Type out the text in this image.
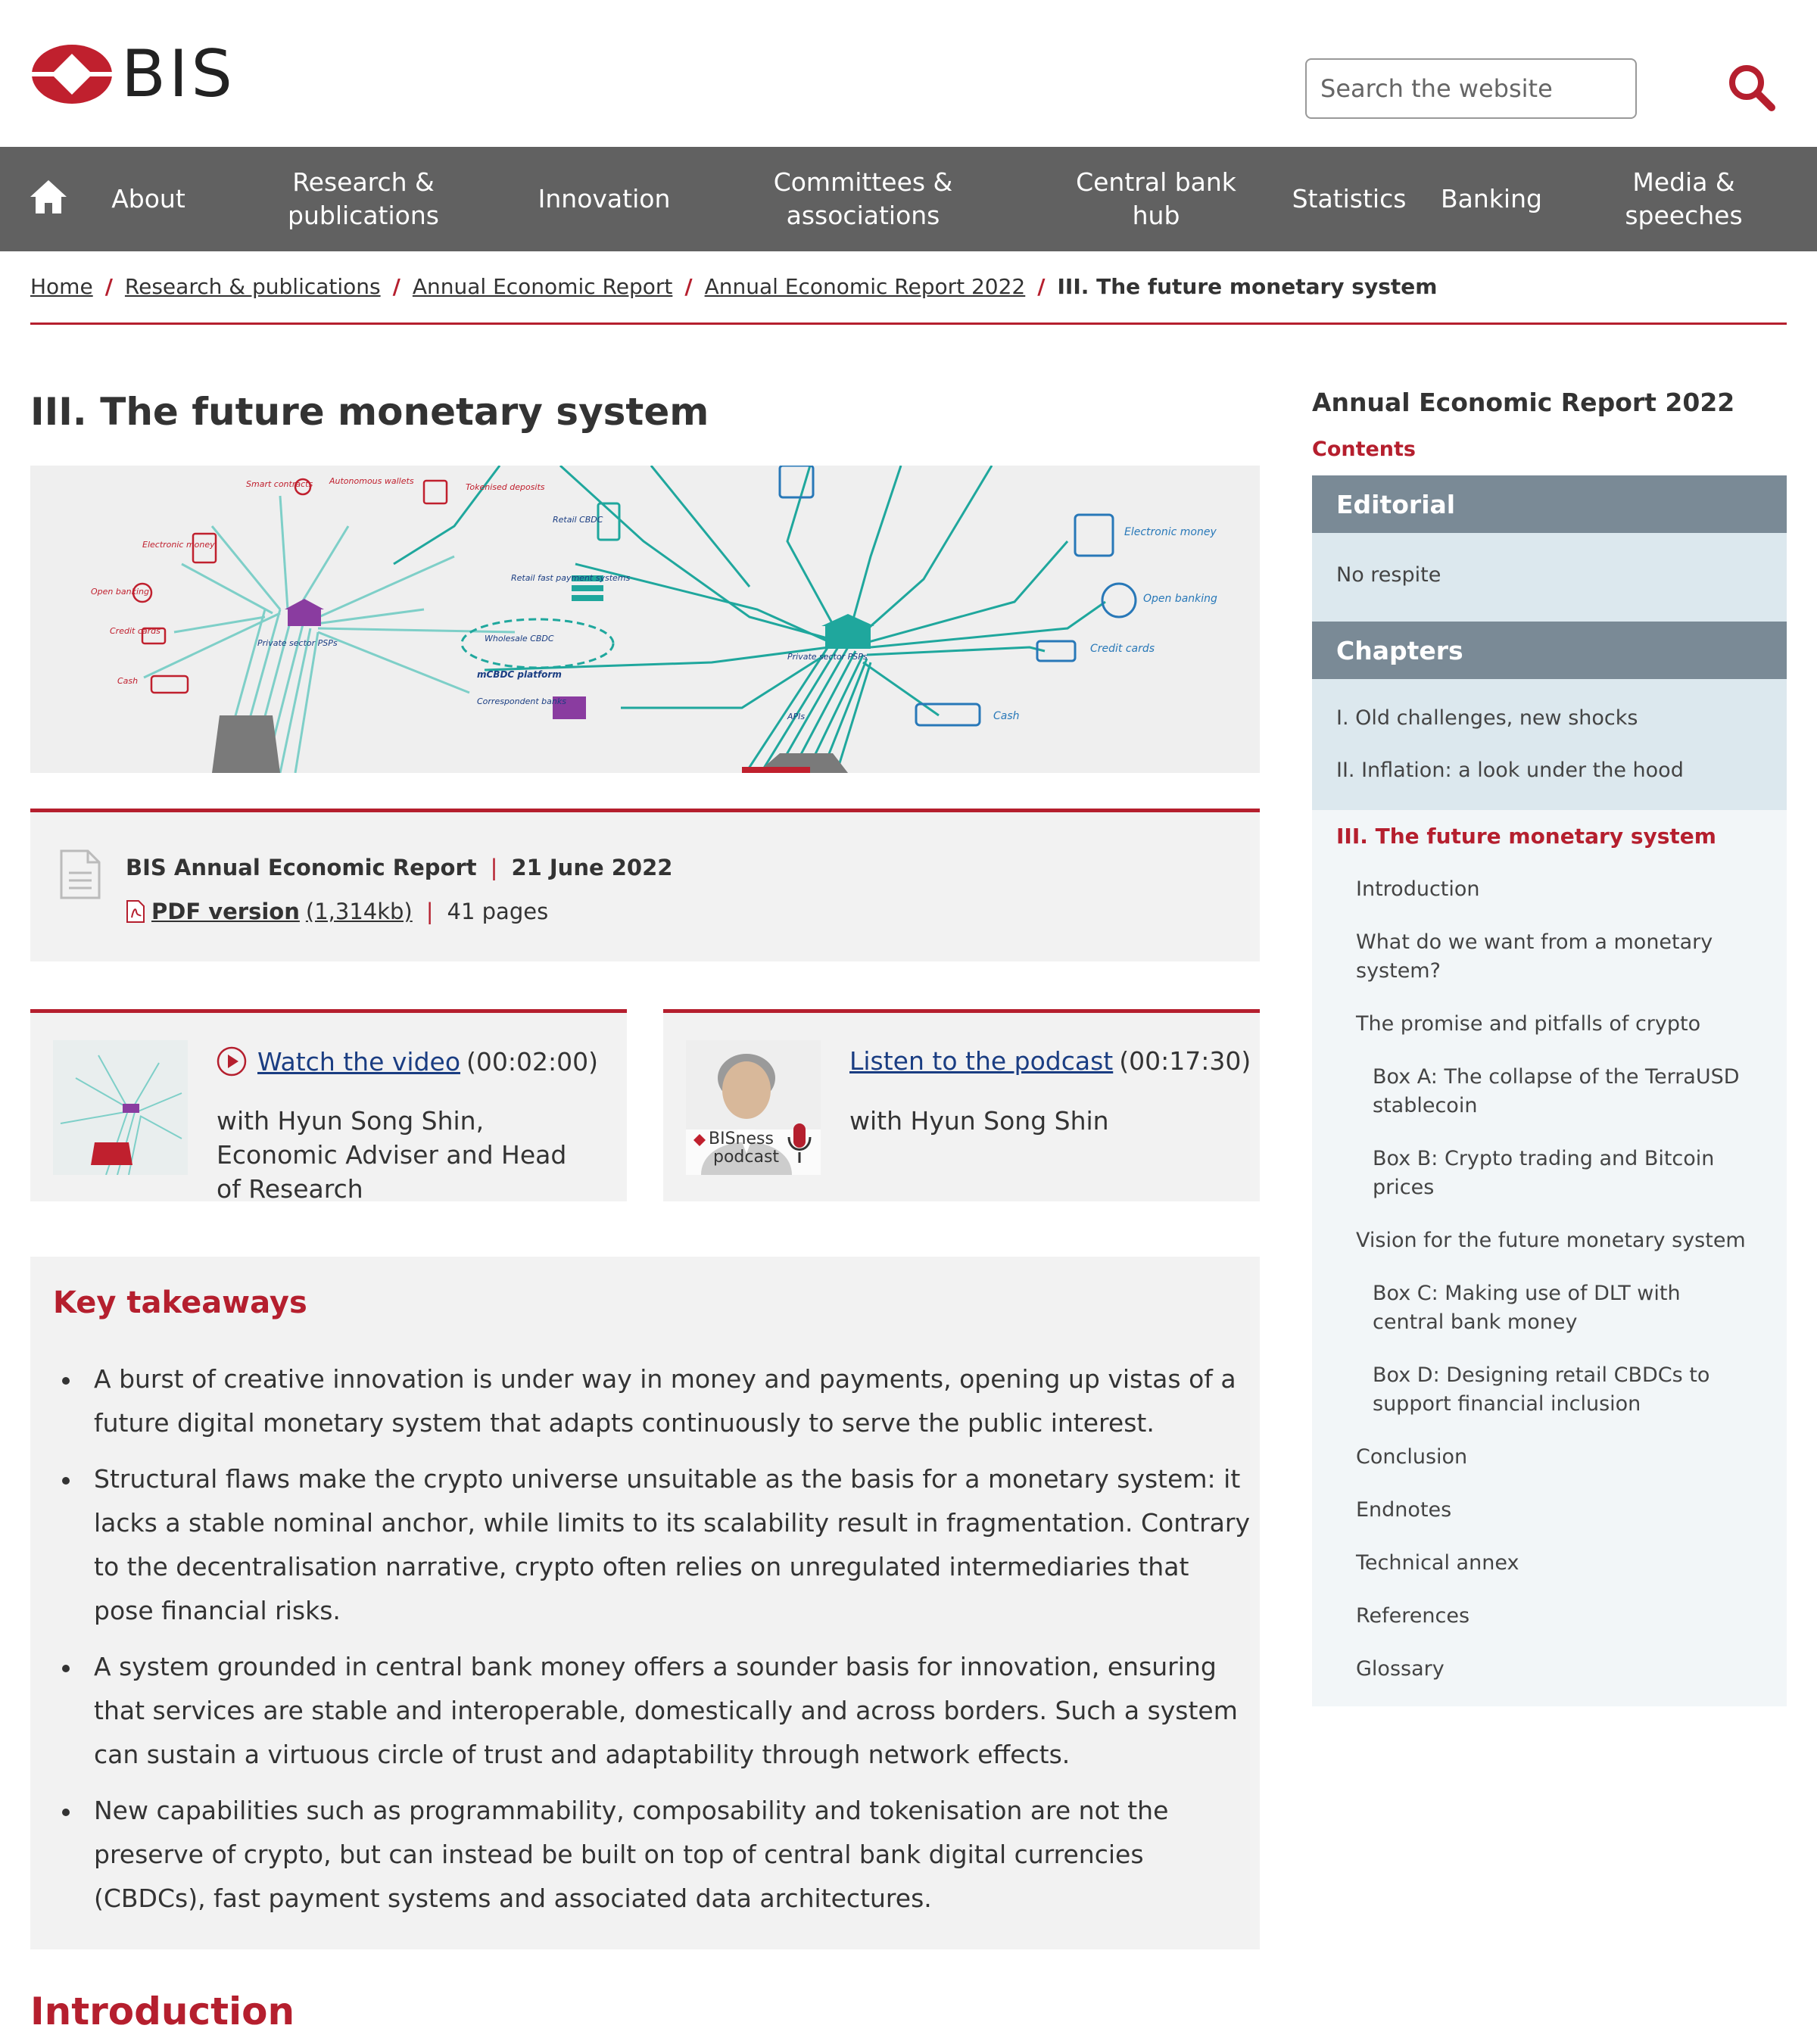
BIS
Search the website
About
Research & publications
Innovation
Committees & associations
Central bank hub
Statistics Banking
Media & speeches
Home / Research & publications / Annual Economic Report / Annual Economic Report 2022 / III. The future monetary system
III. The future monetary system
Smart contracts Autonomous wallets
Tokenised deposits
Electronic money
Open banking
Credit cards
Cash
Private sector PSPs
Retail CBDC
Retail fast payment systems
Wholesale CBDC
Correspondent banks
Private sector PSPs
APIs
mCBDC platform
Electronic money
Open banking
Credit cards
Cash
BIS Annual Economic Report | 21 June 2022
PDF version (1,314kb) | 41 pages
Watch the video (00:02:00)
with Hyun Song Shin, Economic Adviser and Head of Research
BISness
podcast
Listen to the podcast (00:17:30)
with Hyun Song Shin
Key takeaways
A burst of creative innovation is under way in money and payments, opening up vistas of a future digital monetary system that adapts continuously to serve the public interest.
Structural flaws make the crypto universe unsuitable as the basis for a monetary system: it lacks a stable nominal anchor, while limits to its scalability result in fragmentation. Contrary to the decentralisation narrative, crypto often relies on unregulated intermediaries that pose financial risks.
A system grounded in central bank money offers a sounder basis for innovation, ensuring that services are stable and interoperable, domestically and across borders. Such a system can sustain a virtuous circle of trust and adaptability through network effects.
New capabilities such as programmability, composability and tokenisation are not the preserve of crypto, but can instead be built on top of central bank digital currencies (CBDCs), fast payment systems and associated data architectures.
Introduction
Annual Economic Report 2022
Contents
Editorial
No respite
Chapters
I. Old challenges, new shocks
II. Inflation: a look under the hood
III. The future monetary system
Introduction
What do we want from a monetary system?
The promise and pitfalls of crypto
Box A: The collapse of the TerraUSD stablecoin
Box B: Crypto trading and Bitcoin prices
Vision for the future monetary system
Box C: Making use of DLT with central bank money
Box D: Designing retail CBDCs to support financial inclusion
Conclusion
Endnotes
Technical annex
References
Glossary
